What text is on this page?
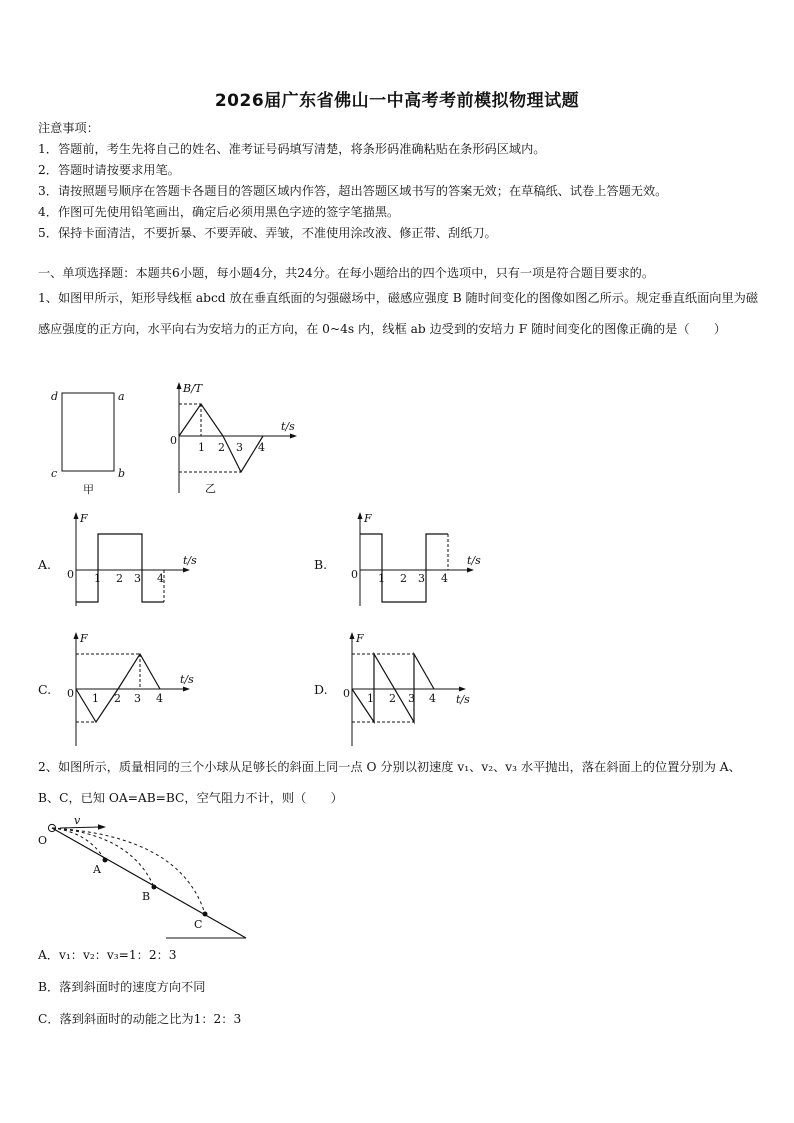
2026届广东省佛山一中高考考前模拟物理试题
注意事项：
1．答题前，考生先将自己的姓名、准考证号码填写清楚，将条形码准确粘贴在条形码区域内。
2．答题时请按要求用笔。
3．请按照题号顺序在答题卡各题目的答题区域内作答，超出答题区域书写的答案无效；在草稿纸、试卷上答题无效。
4．作图可先使用铅笔画出，确定后必须用黑色字迹的签字笔描黑。
5．保持卡面清洁，不要折暴、不要弄破、弄皱，不准使用涂改液、修正带、刮纸刀。
一、单项选择题：本题共6小题，每小题4分，共24分。在每小题给出的四个选项中，只有一项是符合题目要求的。

1、如图甲所示，矩形导线框 abcd 放在垂直纸面的匀强磁场中，磁感应强度 B 随时间变化的图像如图乙所示。规定垂直纸面向里为磁感应强度的正方向，水平向右为安培力的正方向，在 0~4s 内，线框 ab 边受到的安培力 F 随时间变化的图像正确的是（　　）

d	a
c	b
甲
B/T
t/s
0
1 2 3 4
乙
A.
F
t/s
0 1 2 3 4
B.
F
t/s
0 1 2 3 4
C.
F
t/s
0 1 2 3 4
D.
F
t/s
0 1 2 3 4

2、如图所示，质量相同的三个小球从足够长的斜面上同一点 O 分别以初速度 v₁、v₂、v₃ 水平抛出，落在斜面上的位置分别为 A、B、C，已知 OA=AB=BC，空气阻力不计，则（　　）

v
O
A
B
C
A．v₁：v₂：v₃=1：2：3
B．落到斜面时的速度方向不同
C．落到斜面时的动能之比为1：2：3
